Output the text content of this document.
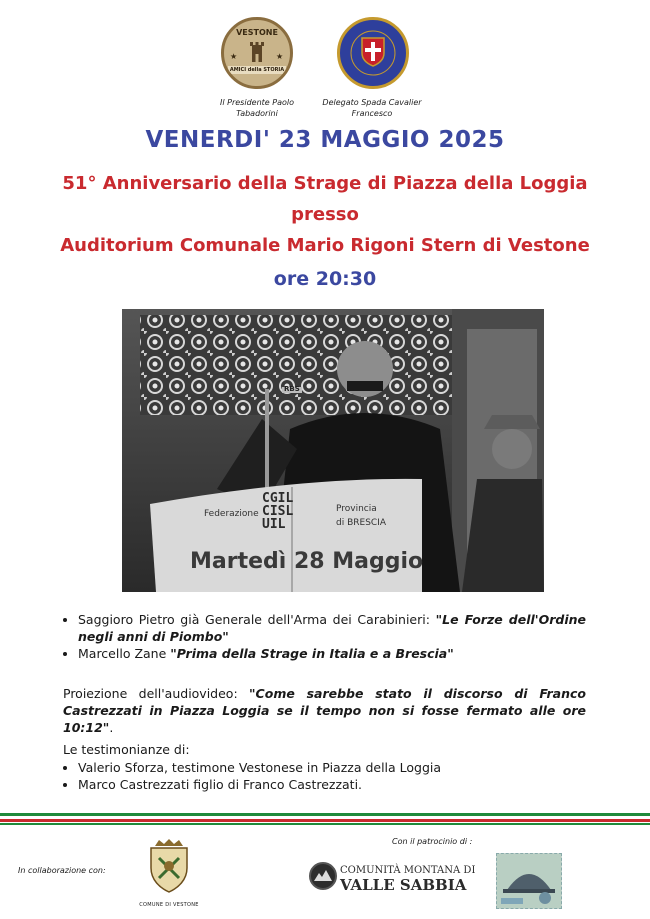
VESTONE
AMICI della STORIA
★	★
Il Presidente Paolo
Tabadorini
Delegato Spada Cavalier
Francesco
VENERDI' 23 MAGGIO 2025
51° Anniversario della Strage di Piazza della Loggia
presso
Auditorium Comunale Mario Rigoni Stern di Vestone
ore 20:30
RBS
Federazione
CGIL
CISL
UIL
Provincia
di BRESCIA
Martedì 28 Maggio
• Saggioro Pietro già Generale dell'Arma dei Carabinieri: "Le Forze dell'Ordine negli anni di Piombo"
• Marcello Zane "Prima della Strage in Italia e a Brescia"
Proiezione dell'audiovideo: "Come sarebbe stato il discorso di Franco Castrezzati in Piazza Loggia se il tempo non si fosse fermato alle ore 10:12".
Le testimonianze di:
• Valerio Sforza, testimone Vestonese in Piazza della Loggia
• Marco Castrezzati figlio di Franco Castrezzati.
In collaborazione con:
COMUNE DI VESTONE
Con il patrocinio di :
COMUNITÀ MONTANA DI
VALLE SABBIA
